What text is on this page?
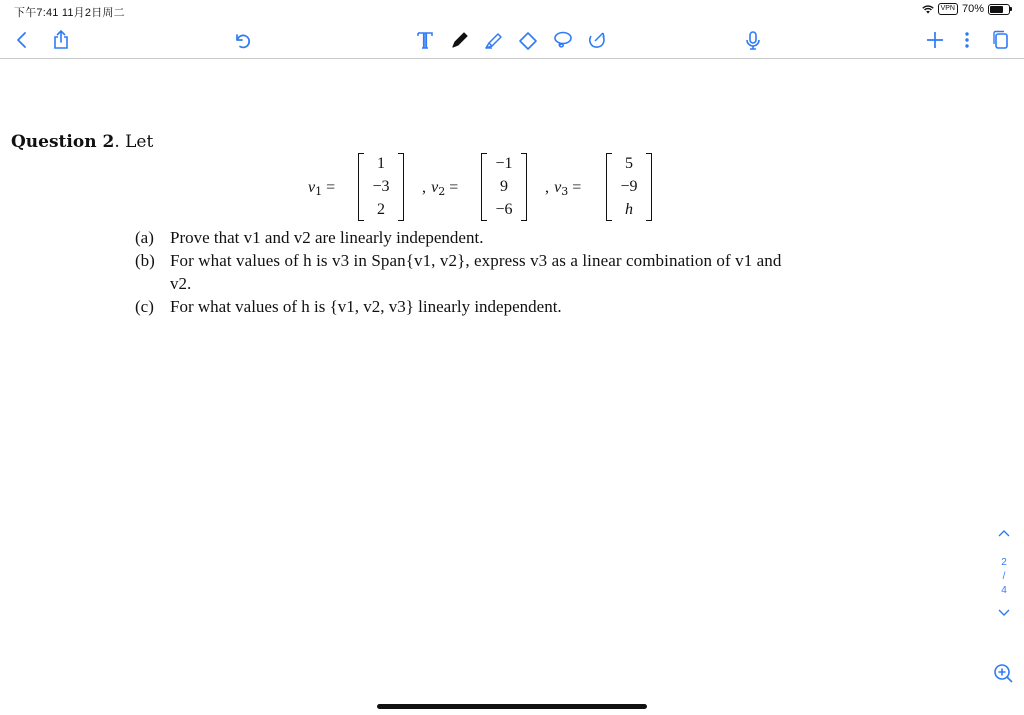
下午7:41 11月2日周二	VPN 70%
Question 2. Let
$v_1$ =
1
−3
2
, $v_2$ =
−1
9
−6
, $v_3$ =
5
−9
h
(a) Prove that v1 and v2 are linearly independent.
(b) For what values of h is v3 in Span{v1, v2}, express v3 as a linear combination of v1 and
v2.
(c) For what values of h is {v1, v2, v3} linearly independent.
2
/
4
